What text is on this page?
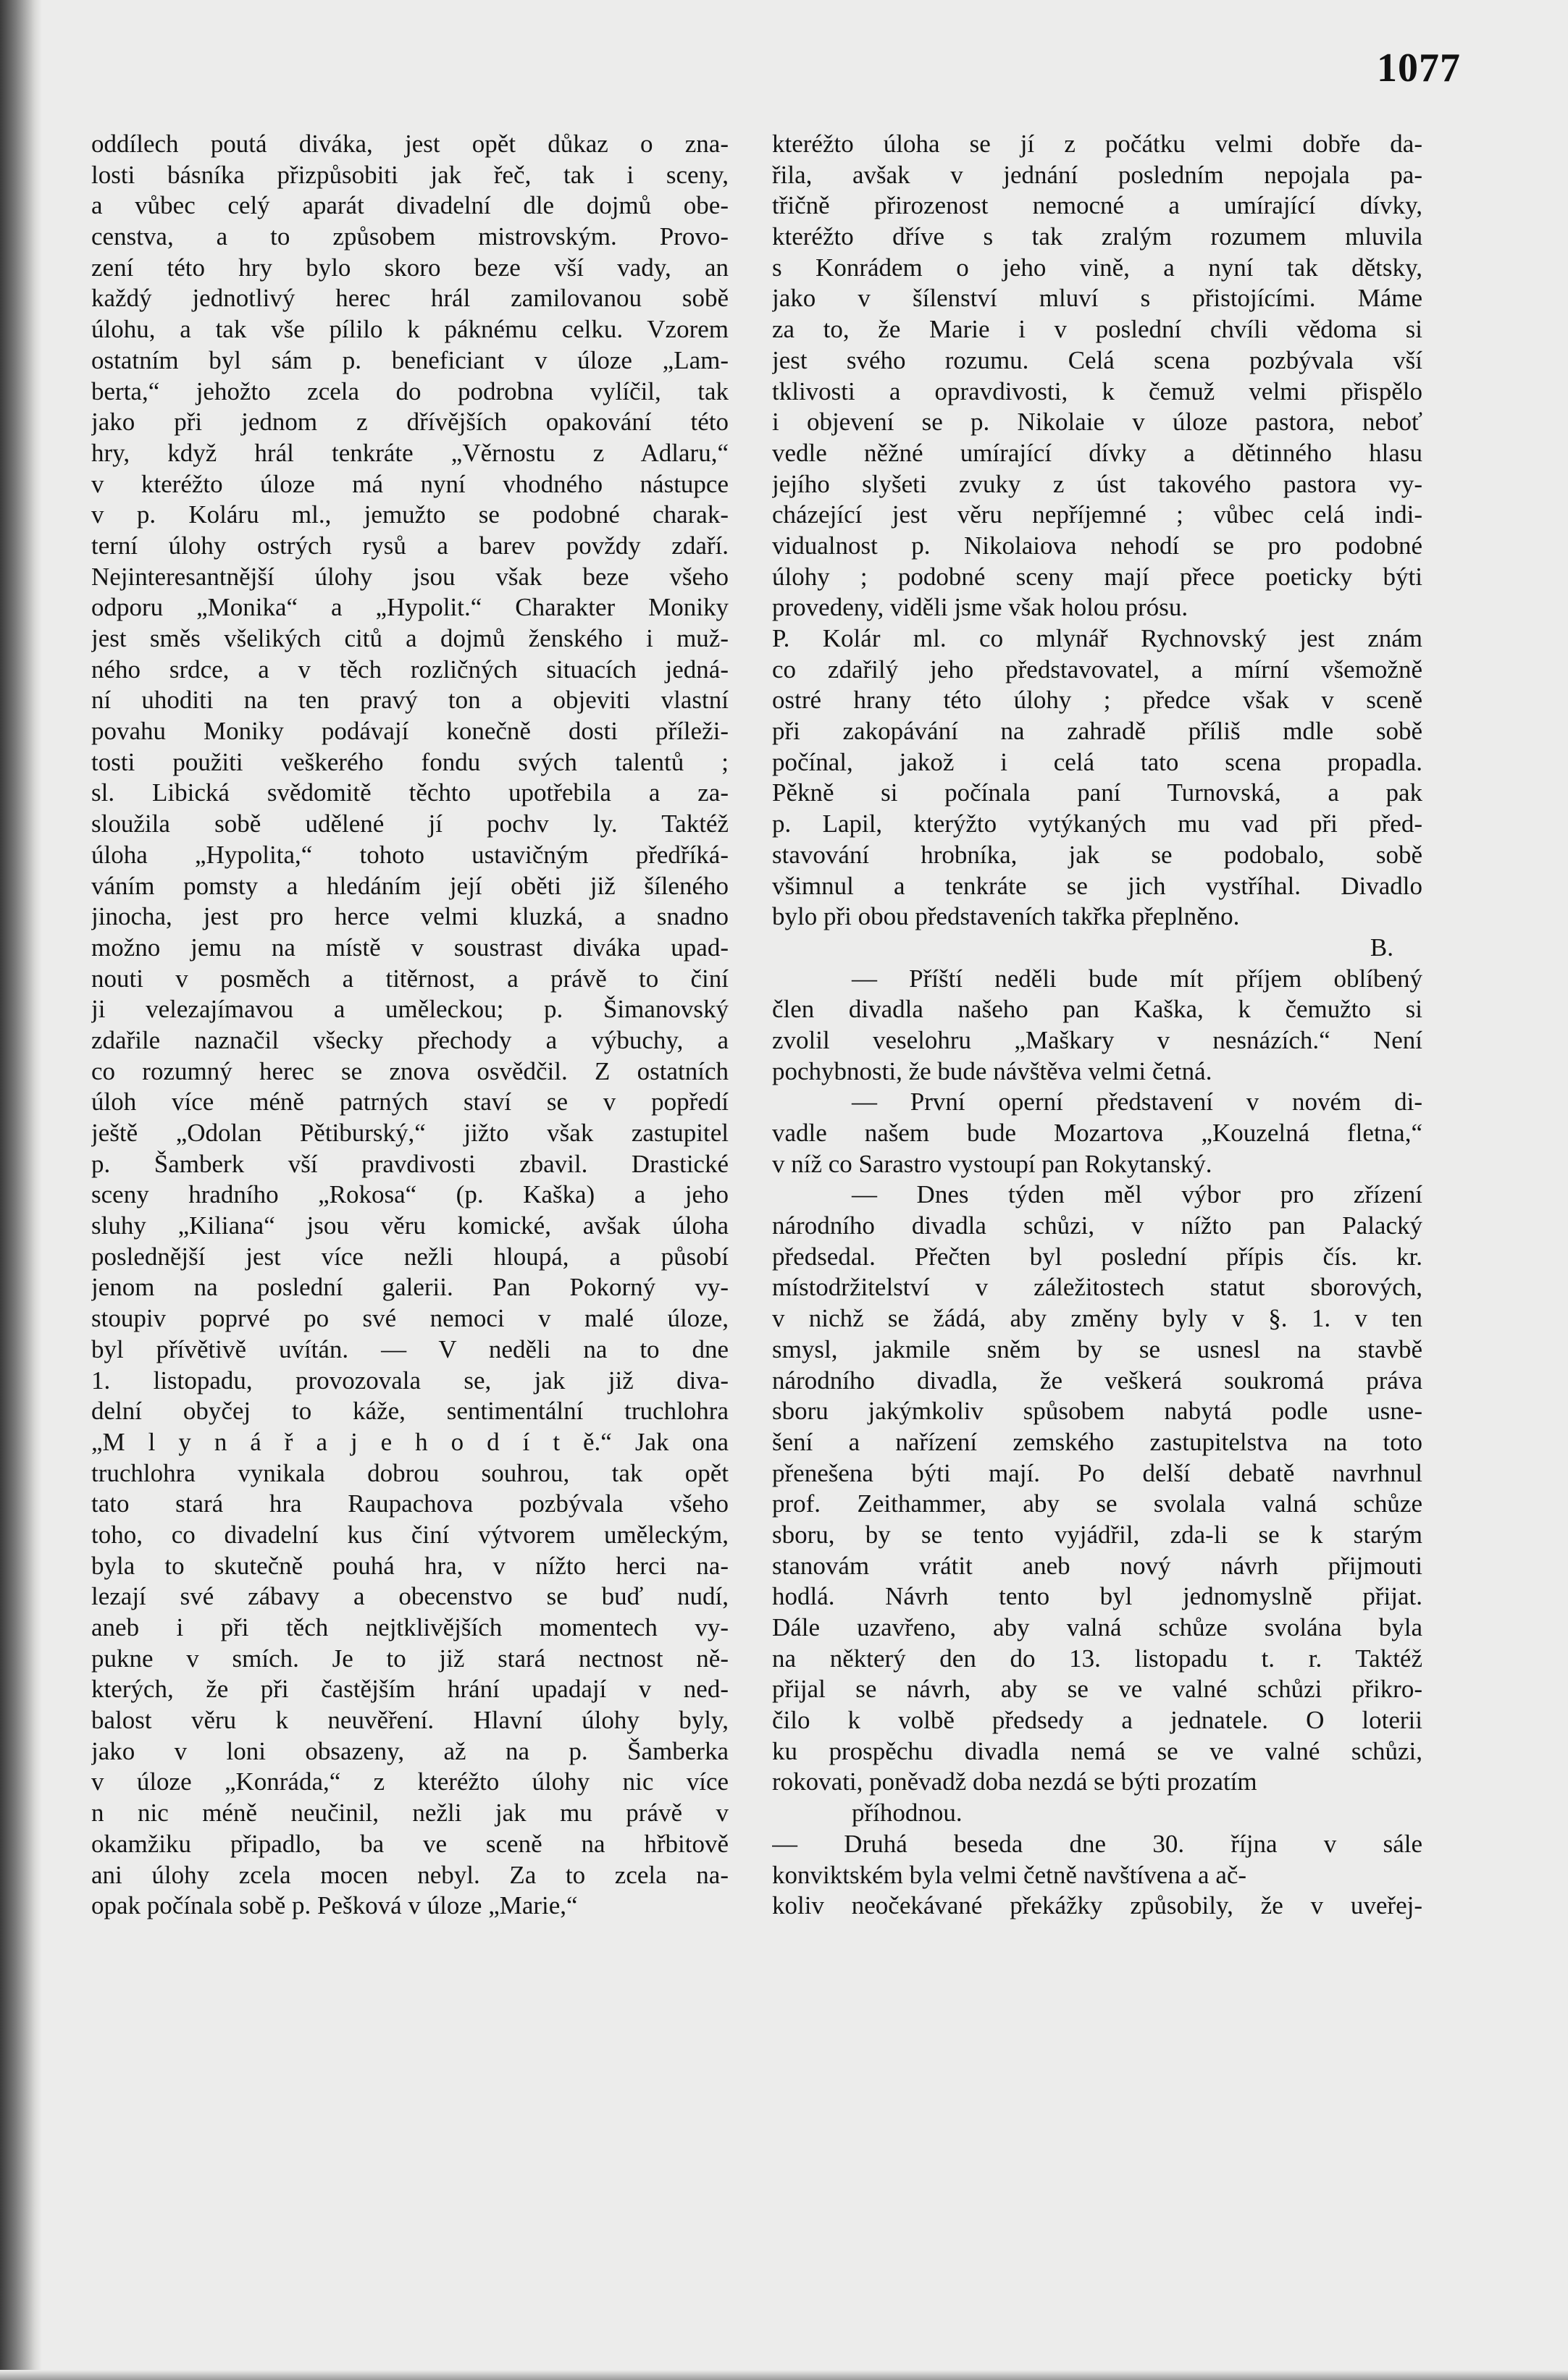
1077
oddílech poutá diváka, jest opět důkaz o zna-
losti básníka přizpůsobiti jak řeč, tak i sceny,
a vůbec celý aparát divadelní dle dojmů obe-
censtva, a to způsobem mistrovským. Provo-
zení této hry bylo skoro beze vší vady, an
každý jednotlivý herec hrál zamilovanou sobě
úlohu, a tak vše pílilo k páknému celku. Vzorem
ostatním byl sám p. beneficiant v úloze „Lam-
berta,“ jehožto zcela do podrobna vylíčil, tak
jako při jednom z dřívějších opakování této
hry, když hrál tenkráte „Věrnostu z Adlaru,“
v kteréžto úloze má nyní vhodného nástupce
v p. Koláru ml., jemužto se podobné charak-
terní úlohy ostrých rysů a barev povždy zdaří.
Nejinteresantnější úlohy jsou však beze všeho
odporu „Monika“ a „Hypolit.“ Charakter Moniky
jest směs všelikých citů a dojmů ženského i muž-
ného srdce, a v těch rozličných situacích jedná-
ní uhoditi na ten pravý ton a objeviti vlastní
povahu Moniky podávají konečně dosti příleži-
tosti použiti veškerého fondu svých talentů ;
sl. Libická svědomitě těchto upotřebila a za-
sloužila sobě udělené jí pochv ly. Taktéž
úloha „Hypolita,“ tohoto ustavičným předříká-
váním pomsty a hledáním její oběti již šíleného
jinocha, jest pro herce velmi kluzká, a snadno
možno jemu na místě v soustrast diváka upad-
nouti v posměch a titěrnost, a právě to činí
ji velezajímavou a uměleckou; p. Šimanovský
zdařile naznačil všecky přechody a výbuchy, a
co rozumný herec se znova osvědčil. Z ostatních
úloh více méně patrných staví se v popředí
ještě „Odolan Pětiburský,“ jižto však zastupitel
p. Šamberk vší pravdivosti zbavil. Drastické
sceny hradního „Rokosa“ (p. Kaška) a jeho
sluhy „Kiliana“ jsou věru komické, avšak úloha
poslednější jest více nežli hloupá, a působí
jenom na poslední galerii. Pan Pokorný vy-
stoupiv poprvé po své nemoci v malé úloze,
byl přívětivě uvítán. — V neděli na to dne
1. listopadu, provozovala se, jak již diva-
delní obyčej to káže, sentimentální truchlohra
„M l y n á ř a j e h o d í t ě.“ Jak ona
truchlohra vynikala dobrou souhrou, tak opět
tato stará hra Raupachova pozbývala všeho
toho, co divadelní kus činí výtvorem uměleckým,
byla to skutečně pouhá hra, v nížto herci na-
lezají své zábavy a obecenstvo se buď nudí,
aneb i při těch nejtklivějších momentech vy-
pukne v smích. Je to již stará nectnost ně-
kterých, že při častějším hrání upadají v ned-
balost věru k neuvěření. Hlavní úlohy byly,
jako v loni obsazeny, až na p. Šamberka
v úloze „Konráda,“ z kteréžto úlohy nic více
n nic méně neučinil, nežli jak mu právě v
okamžiku připadlo, ba ve sceně na hřbitově
ani úlohy zcela mocen nebyl. Za to zcela na-
opak počínala sobě p. Pešková v úloze „Marie,“
kteréžto úloha se jí z počátku velmi dobře da-
řila, avšak v jednání posledním nepojala pa-
třičně přirozenost nemocné a umírající dívky,
kteréžto dříve s tak zralým rozumem mluvila
s Konrádem o jeho vině, a nyní tak dětsky,
jako v šílenství mluví s přistojícími. Máme
za to, že Marie i v poslední chvíli vědoma si
jest svého rozumu. Celá scena pozbývala vší
tklivosti a opravdivosti, k čemuž velmi přispělo
i objevení se p. Nikolaie v úloze pastora, neboť
vedle něžné umírající dívky a dětinného hlasu
jejího slyšeti zvuky z úst takového pastora vy-
cházející jest věru nepříjemné ; vůbec celá indi-
vidualnost p. Nikolaiova nehodí se pro podobné
úlohy ; podobné sceny mají přece poeticky býti
provedeny, viděli jsme však holou prósu.
P. Kolár ml. co mlynář Rychnovský jest znám
co zdařilý jeho představovatel, a mírní všemožně
ostré hrany této úlohy ; předce však v sceně
při zakopávání na zahradě příliš mdle sobě
počínal, jakož i celá tato scena propadla.
Pěkně si počínala paní Turnovská, a pak
p. Lapil, kterýžto vytýkaných mu vad při před-
stavování hrobníka, jak se podobalo, sobě
všimnul a tenkráte se jich vystříhal. Divadlo
bylo při obou představeních takřka přeplněno.
B.
— Příští neděli bude mít příjem oblíbený
člen divadla našeho pan Kaška, k čemužto si
zvolil veselohru „Maškary v nesnázích.“ Není
pochybnosti, že bude návštěva velmi četná.
— První operní představení v novém di-
vadle našem bude Mozartova „Kouzelná fletna,“
v níž co Sarastro vystoupí pan Rokytanský.
— Dnes týden měl výbor pro zřízení
národního divadla schůzi, v nížto pan Palacký
předsedal. Přečten byl poslední přípis čís. kr.
místodržitelství v záležitostech statut sborových,
v nichž se žádá, aby změny byly v §. 1. v ten
smysl, jakmile sněm by se usnesl na stavbě
národního divadla, že veškerá soukromá práva
sboru jakýmkoliv spůsobem nabytá podle usne-
šení a nařízení zemského zastupitelstva na toto
přenešena býti mají. Po delší debatě navrhnul
prof. Zeithammer, aby se svolala valná schůze
sboru, by se tento vyjádřil, zda-li se k starým
stanovám vrátit aneb nový návrh přijmouti
hodlá. Návrh tento byl jednomyslně přijat.
Dále uzavřeno, aby valná schůze svolána byla
na některý den do 13. listopadu t. r. Taktéž
přijal se návrh, aby se ve valné schůzi přikro-
čilo k volbě předsedy a jednatele. O loterii
ku prospěchu divadla nemá se ve valné schůzi,
rokovati, poněvadž doba nezdá se býti prozatím
příhodnou.
— Druhá beseda dne 30. října v sále
konviktském byla velmi četně navštívena a ač-
koliv neočekávané překážky způsobily, že v uveřej-
